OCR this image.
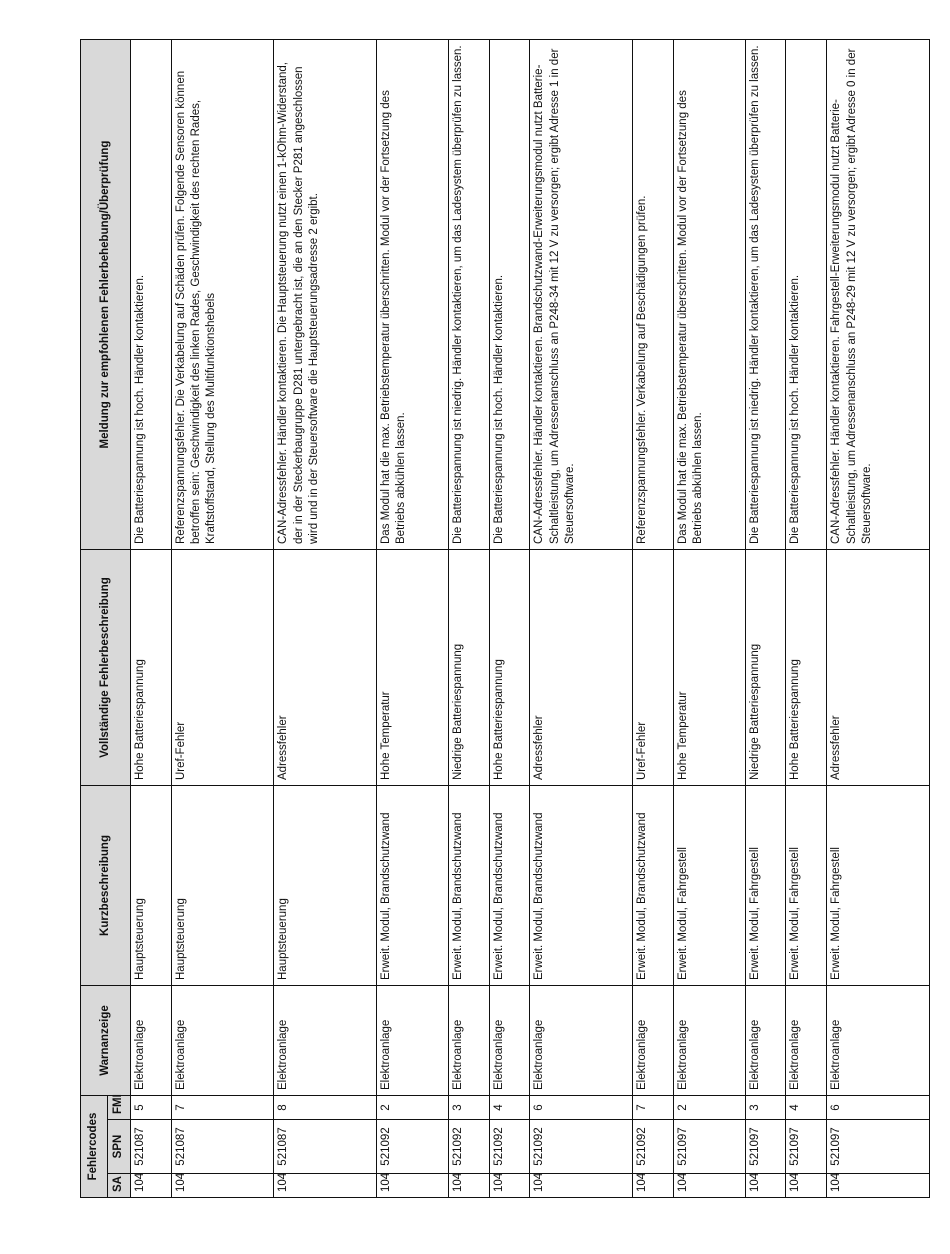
Fehlercodes			Warnanzeige	Kurzbeschreibung	Vollständige Fehlerbeschreibung	Meldung zur empfohlenen Fehlerbehebung/Überprüfung
SA	SPN	FMI				
104	521087	5	Elektroanlage	Hauptsteuerung	Hohe Batteriespannung	Die Batteriespannung ist hoch. Händler kontaktieren.
104	521087	7	Elektroanlage	Hauptsteuerung	Uref-Fehler	Referenzspannungsfehler. Die Verkabelung auf Schäden prüfen. Folgende Sensoren können betroffen sein: Geschwindigkeit des linken Rades, Geschwindigkeit des rechten Rades, Kraftstoffstand, Stellung des Multifunktionshebels
104	521087	8	Elektroanlage	Hauptsteuerung	Adressfehler	CAN-Adressfehler. Händler kontaktieren. Die Hauptsteuerung nutzt einen 1-kOhm-Widerstand, der in der Steckerbaugruppe D281 untergebracht ist, die an den Stecker P281 angeschlossen wird und in der Steuersoftware die Hauptsteuerungsadresse 2 ergibt.
104	521092	2	Elektroanlage	Erweit. Modul, Brandschutzwand	Hohe Temperatur	Das Modul hat die max. Betriebstemperatur überschritten. Modul vor der Fortsetzung des Betriebs abkühlen lassen.
104	521092	3	Elektroanlage	Erweit. Modul, Brandschutzwand	Niedrige Batteriespannung	Die Batteriespannung ist niedrig. Händler kontaktieren, um das Ladesystem überprüfen zu lassen.
104	521092	4	Elektroanlage	Erweit. Modul, Brandschutzwand	Hohe Batteriespannung	Die Batteriespannung ist hoch. Händler kontaktieren.
104	521092	6	Elektroanlage	Erweit. Modul, Brandschutzwand	Adressfehler	CAN-Adressfehler. Händler kontaktieren. Brandschutzwand-Erweiterungsmodul nutzt Batterie-Schaltleistung, um Adressenanschluss an P248-34 mit 12 V zu versorgen; ergibt Adresse 1 in der Steuersoftware.
104	521092	7	Elektroanlage	Erweit. Modul, Brandschutzwand	Uref-Fehler	Referenzspannungsfehler. Verkabelung auf Beschädigungen prüfen.
104	521097	2	Elektroanlage	Erweit. Modul, Fahrgestell	Hohe Temperatur	Das Modul hat die max. Betriebstemperatur überschritten. Modul vor der Fortsetzung des Betriebs abkühlen lassen.
104	521097	3	Elektroanlage	Erweit. Modul, Fahrgestell	Niedrige Batteriespannung	Die Batteriespannung ist niedrig. Händler kontaktieren, um das Ladesystem überprüfen zu lassen.
104	521097	4	Elektroanlage	Erweit. Modul, Fahrgestell	Hohe Batteriespannung	Die Batteriespannung ist hoch. Händler kontaktieren.
104	521097	6	Elektroanlage	Erweit. Modul, Fahrgestell	Adressfehler	CAN-Adressfehler. Händler kontaktieren. Fahrgestell-Erweiterungsmodul nutzt Batterie-Schaltleistung, um Adressenanschluss an P248-29 mit 12 V zu versorgen; ergibt Adresse 0 in der Steuersoftware.
